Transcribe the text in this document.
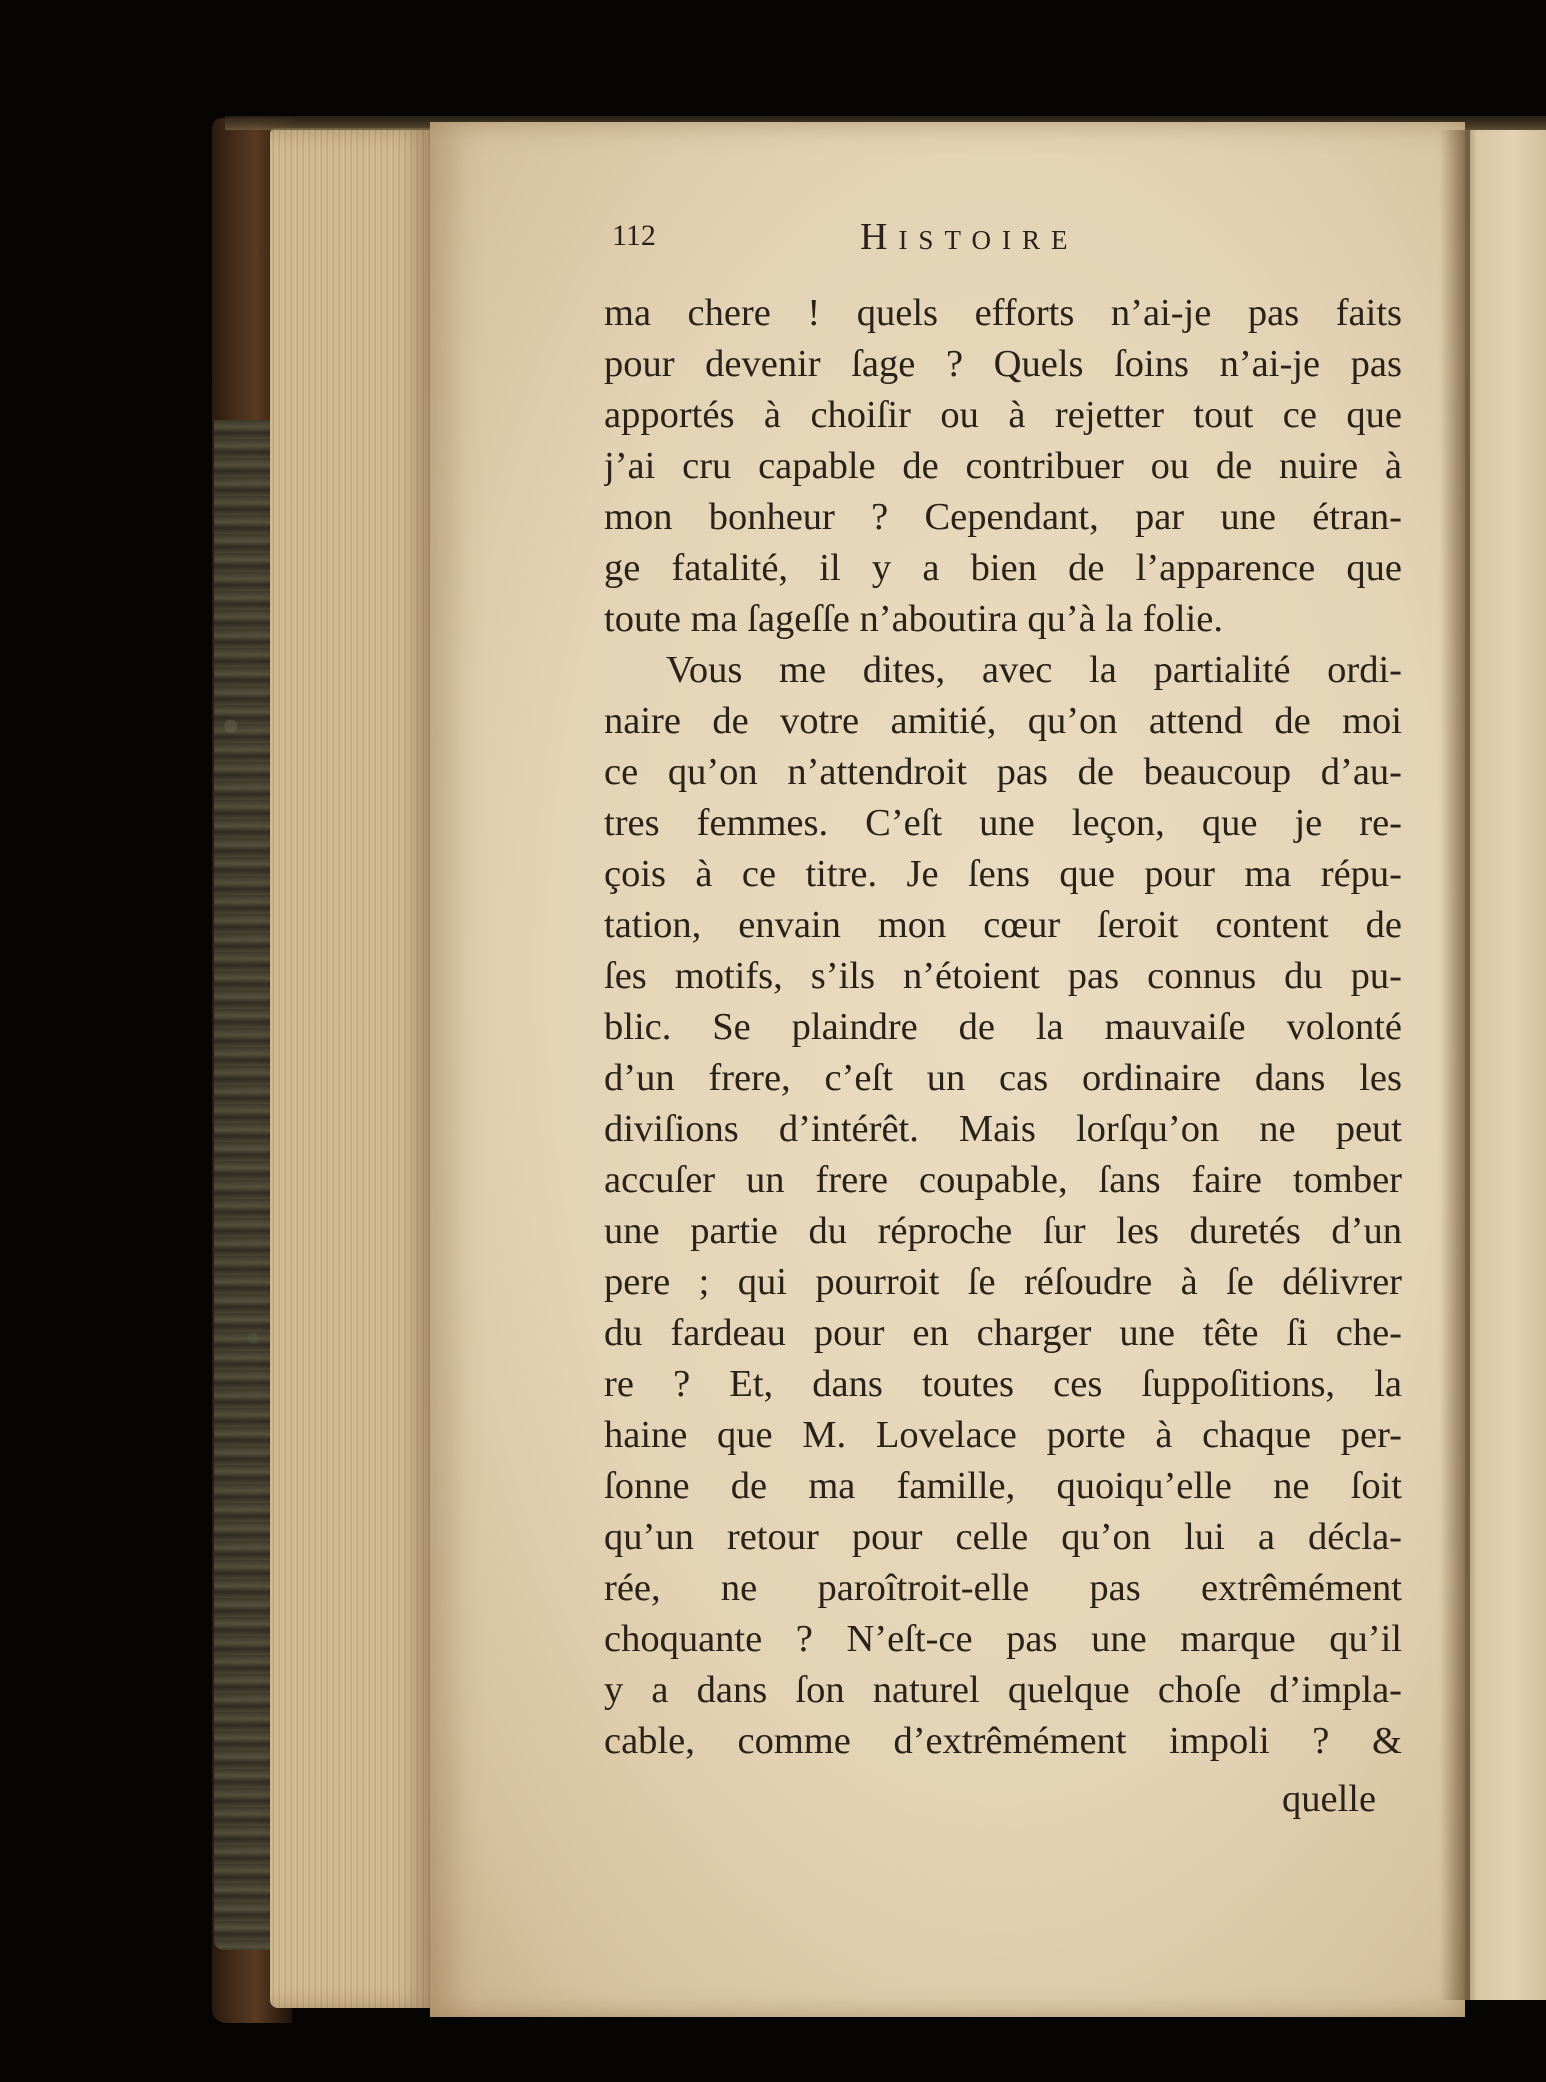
112	Histoire
ma chere ! quels efforts n’ai-je pas faits
pour devenir ſage ? Quels ſoins n’ai-je pas
apportés à choiſir ou à rejetter tout ce que
j’ai cru capable de contribuer ou de nuire à
mon bonheur ? Cependant, par une étran-
ge fatalité, il y a bien de l’apparence que
toute ma ſageſſe n’aboutira qu’à la folie.
Vous me dites, avec la partialité ordi-
naire de votre amitié, qu’on attend de moi
ce qu’on n’attendroit pas de beaucoup d’au-
tres femmes. C’eſt une leçon, que je re-
çois à ce titre. Je ſens que pour ma répu-
tation, envain mon cœur ſeroit content de
ſes motifs, s’ils n’étoient pas connus du pu-
blic. Se plaindre de la mauvaiſe volonté
d’un frere, c’eſt un cas ordinaire dans les
diviſions d’intérêt. Mais lorſqu’on ne peut
accuſer un frere coupable, ſans faire tomber
une partie du réproche ſur les duretés d’un
pere ; qui pourroit ſe réſoudre à ſe délivrer
du fardeau pour en charger une tête ſi che-
re ? Et, dans toutes ces ſuppoſitions, la
haine que M. Lovelace porte à chaque per-
ſonne de ma famille, quoiqu’elle ne ſoit
qu’un retour pour celle qu’on lui a décla-
rée, ne paroîtroit-elle pas extrêmément
choquante ? N’eſt-ce pas une marque qu’il
y a dans ſon naturel quelque choſe d’impla-
cable, comme d’extrêmément impoli ? &
quelle
